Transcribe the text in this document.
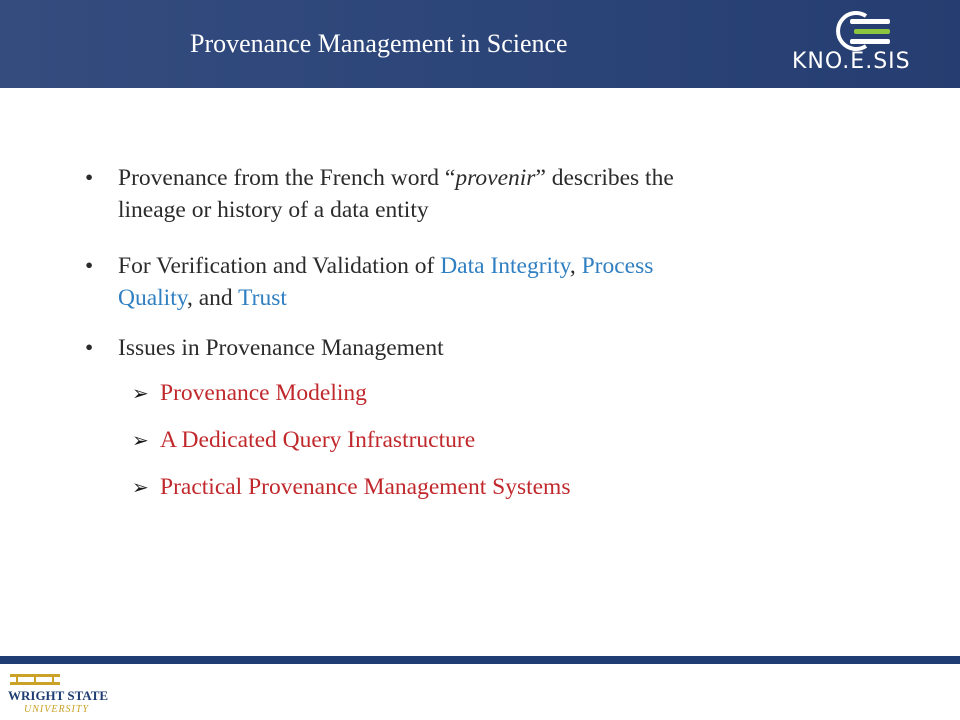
Provenance Management in Science
KNO.E.SIS
• Provenance from the French word “provenir” describes the
lineage or history of a data entity
• For Verification and Validation of Data Integrity, Process
Quality, and Trust
• Issues in Provenance Management
➢ Provenance Modeling
➢ A Dedicated Query Infrastructure
➢ Practical Provenance Management Systems
WRIGHT STATE
UNIVERSITY
